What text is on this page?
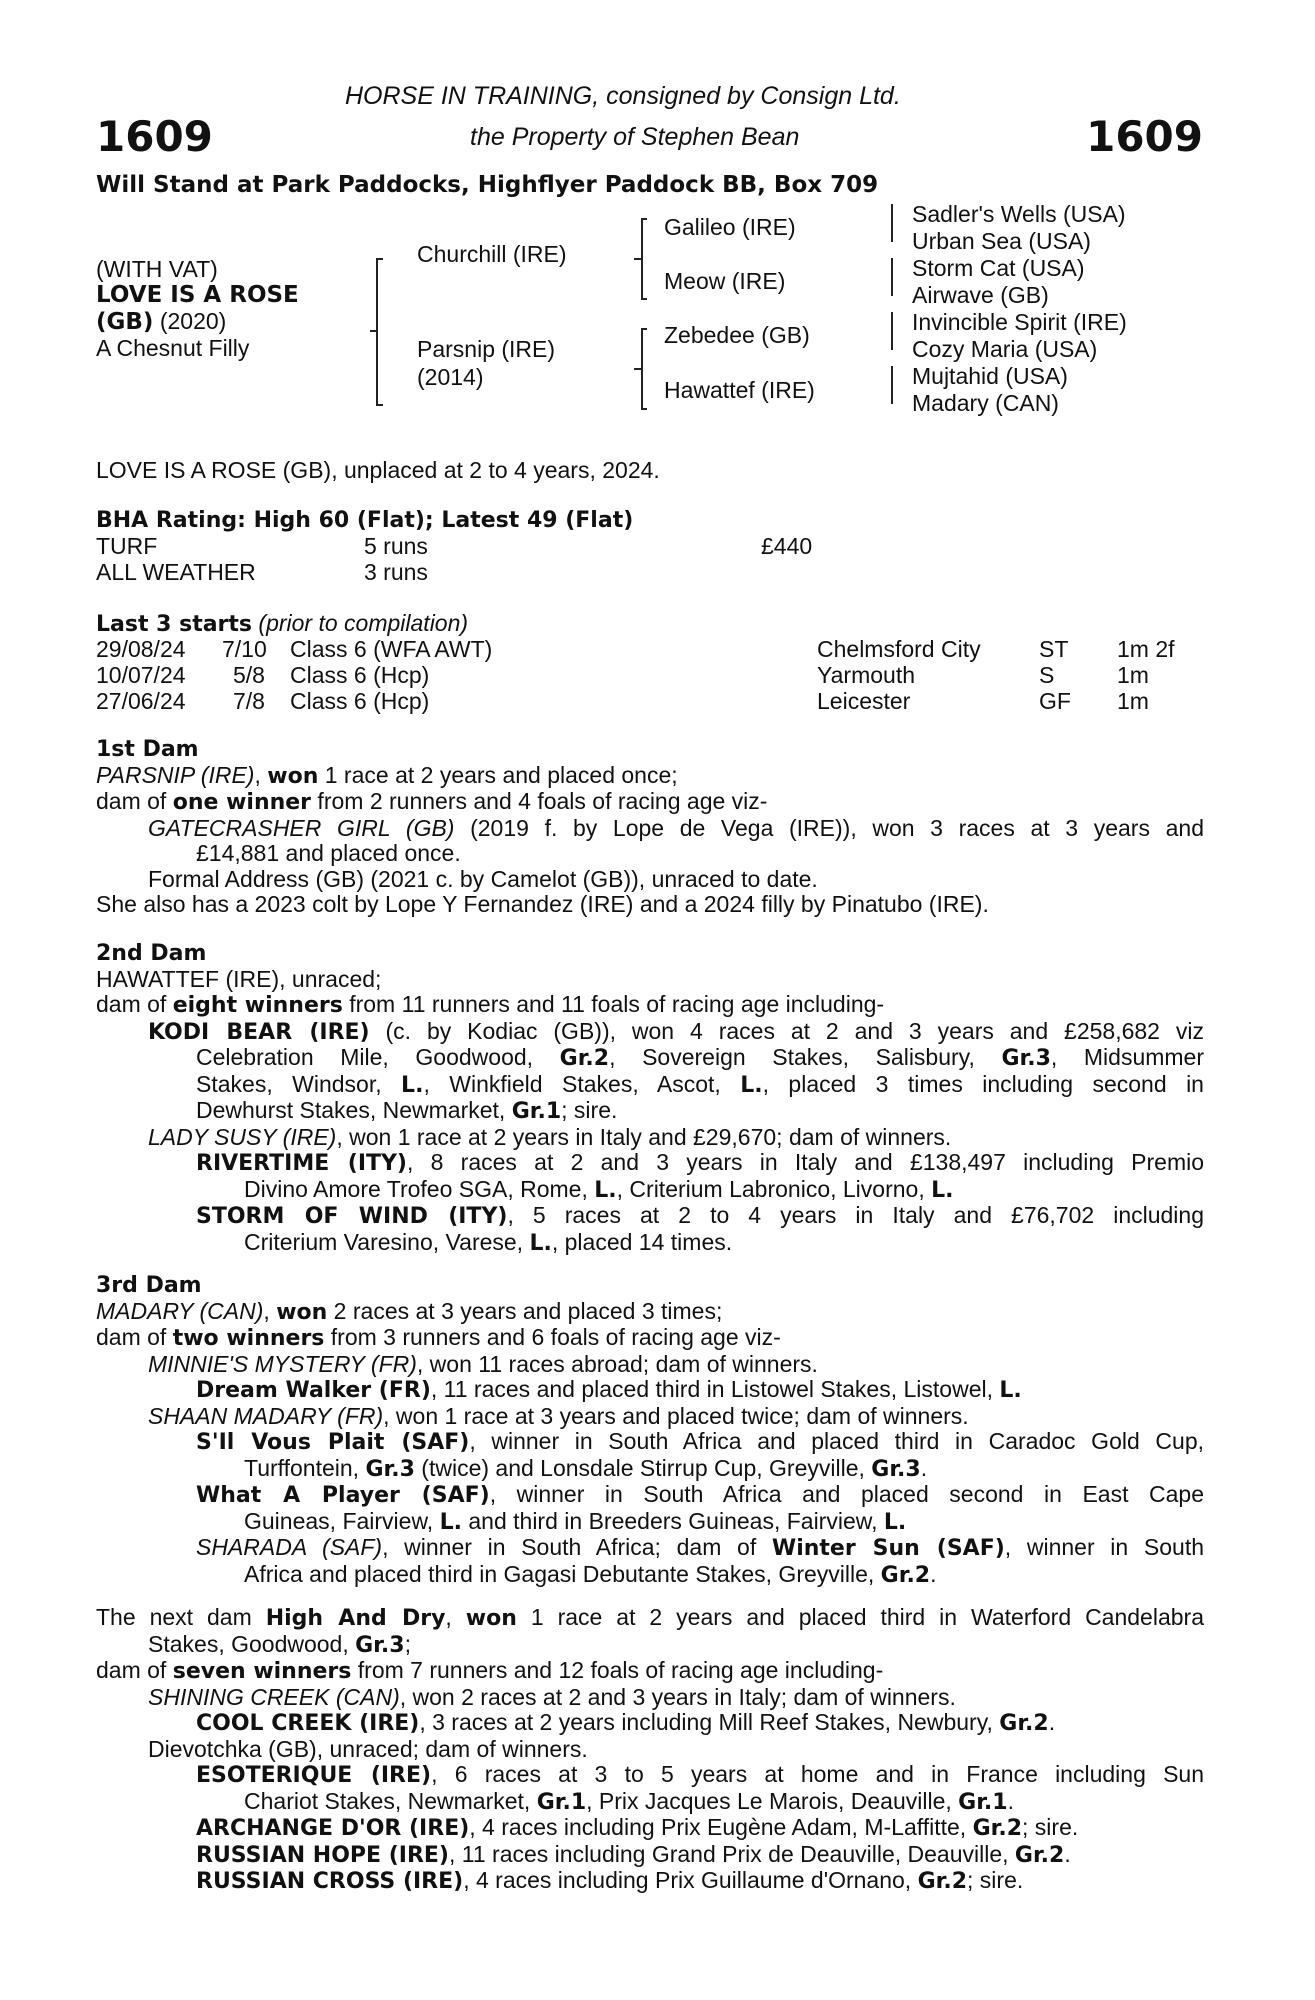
1609	1609
HORSE IN TRAINING, consigned by Consign Ltd.
the Property of Stephen Bean
Will Stand at Park Paddocks, Highflyer Paddock BB, Box 709
(WITH VAT)
LOVE IS A ROSE
(GB) (2020)
A Chesnut Filly
Churchill (IRE)
Parsnip (IRE)
(2014)
Galileo (IRE)
Meow (IRE)
Zebedee (GB)
Hawattef (IRE)
Sadler's Wells (USA)
Urban Sea (USA)
Storm Cat (USA)
Airwave (GB)
Invincible Spirit (IRE)
Cozy Maria (USA)
Mujtahid (USA)
Madary (CAN)
LOVE IS A ROSE (GB), unplaced at 2 to 4 years, 2024.
BHA Rating: High 60 (Flat); Latest 49 (Flat)
TURF	5 runs	£440
ALL WEATHER	3 runs
Last 3 starts (prior to compilation)
29/08/24 7/10 Class 6 (WFA AWT)	Chelmsford City	ST 1m 2f
10/07/24 5/8 Class 6 (Hcp)	Yarmouth	S	1m
27/06/24 7/8 Class 6 (Hcp)	Leicester	GF 1m
1st Dam
PARSNIP (IRE), won 1 race at 2 years and placed once;
dam of one winner from 2 runners and 4 foals of racing age viz-
GATECRASHER GIRL (GB) (2019 f. by Lope de Vega (IRE)), won 3 races at 3 years and
£14,881 and placed once.
Formal Address (GB) (2021 c. by Camelot (GB)), unraced to date.
She also has a 2023 colt by Lope Y Fernandez (IRE) and a 2024 filly by Pinatubo (IRE).
2nd Dam
HAWATTEF (IRE), unraced;
dam of eight winners from 11 runners and 11 foals of racing age including-
KODI BEAR (IRE) (c. by Kodiac (GB)), won 4 races at 2 and 3 years and £258,682 viz
Celebration Mile, Goodwood, Gr.2, Sovereign Stakes, Salisbury, Gr.3, Midsummer
Stakes, Windsor, L., Winkfield Stakes, Ascot, L., placed 3 times including second in
Dewhurst Stakes, Newmarket, Gr.1; sire.
LADY SUSY (IRE), won 1 race at 2 years in Italy and £29,670; dam of winners.
RIVERTIME (ITY), 8 races at 2 and 3 years in Italy and £138,497 including Premio
Divino Amore Trofeo SGA, Rome, L., Criterium Labronico, Livorno, L.
STORM OF WIND (ITY), 5 races at 2 to 4 years in Italy and £76,702 including
Criterium Varesino, Varese, L., placed 14 times.
3rd Dam
MADARY (CAN), won 2 races at 3 years and placed 3 times;
dam of two winners from 3 runners and 6 foals of racing age viz-
MINNIE'S MYSTERY (FR), won 11 races abroad; dam of winners.
Dream Walker (FR), 11 races and placed third in Listowel Stakes, Listowel, L.
SHAAN MADARY (FR), won 1 race at 3 years and placed twice; dam of winners.
S'Il Vous Plait (SAF), winner in South Africa and placed third in Caradoc Gold Cup,
Turffontein, Gr.3 (twice) and Lonsdale Stirrup Cup, Greyville, Gr.3.
What A Player (SAF), winner in South Africa and placed second in East Cape
Guineas, Fairview, L. and third in Breeders Guineas, Fairview, L.
SHARADA (SAF), winner in South Africa; dam of Winter Sun (SAF), winner in South
Africa and placed third in Gagasi Debutante Stakes, Greyville, Gr.2.
The next dam High And Dry, won 1 race at 2 years and placed third in Waterford Candelabra
Stakes, Goodwood, Gr.3;
dam of seven winners from 7 runners and 12 foals of racing age including-
SHINING CREEK (CAN), won 2 races at 2 and 3 years in Italy; dam of winners.
COOL CREEK (IRE), 3 races at 2 years including Mill Reef Stakes, Newbury, Gr.2.
Dievotchka (GB), unraced; dam of winners.
ESOTERIQUE (IRE), 6 races at 3 to 5 years at home and in France including Sun
Chariot Stakes, Newmarket, Gr.1, Prix Jacques Le Marois, Deauville, Gr.1.
ARCHANGE D'OR (IRE), 4 races including Prix Eugène Adam, M-Laffitte, Gr.2; sire.
RUSSIAN HOPE (IRE), 11 races including Grand Prix de Deauville, Deauville, Gr.2.
RUSSIAN CROSS (IRE), 4 races including Prix Guillaume d'Ornano, Gr.2; sire.
